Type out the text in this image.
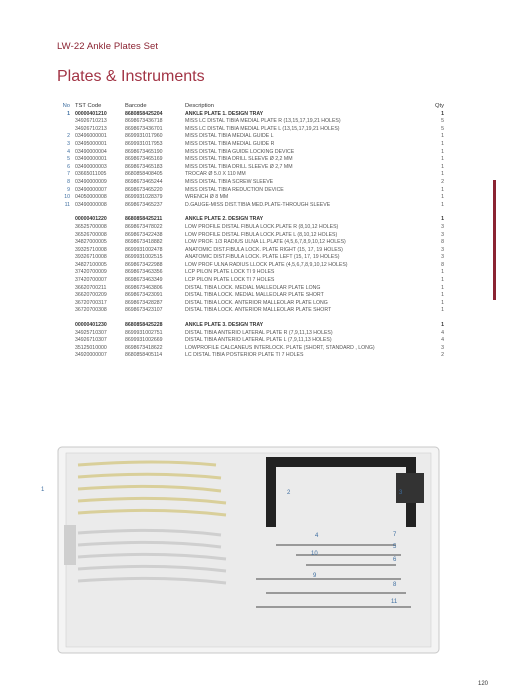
LW-22 Ankle Plates Set
Plates & Instruments
No TST Code	Barcode	Description	Qty
1 00000401210	8680858425204	ANKLE PLATE 1. DESIGN TRAY	1
34926710213	8698673436718	MISS LC DISTAL TIBIA MEDIAL PLATE R (13,15,17,19,21 HOLES)	5
34926710213	8698673436701	MISS LC DISTAL TIBIA MEDIAL PLATE L (13,15,17,19,21 HOLES)	5
2 03496000001	8699931017960	MISS DISTAL TIBIA MEDIAL GUIDE L	1
3 03495000001	8699931017953	MISS DISTAL TIBIA MEDIAL GUIDE R	1
4 03490000004	8698673465190	MISS DISTAL TIBIA GUIDE LOCKING DEVICE	1
5 03490000001	8698673465169	MISS DISTAL TIBIA DRILL SLEEVE Ø 2,2 MM	1
6 03490000003	8698673465183	MISS DISTAL TIBIA DRILL SLEEVE Ø 2,7 MM	1
7 03665011005	8680858408405	TROCAR Ø 5.0 X 110 MM	1
8 03490000009	8698673465244	MISS DISTAL TIBIA SCREW SLEEVE	2
9 03490000007	8698673465220	MISS DISTAL TIBIA REDUCTION DEVICE	1
10 04050000008	8699931028379	WRENCH Ø 8 MM	1
11 03490000008	8698673465237	D.GAUGE-MISS DIST.TIBIA MED.PLATE-THROUGH SLEEVE	1
00000401220	8680858425211	ANKLE PLATE 2. DESIGN TRAY	1
36525700008	8698673478022	LOW PROFILE DISTAL FIBULA LOCK.PLATE R (8,10,12 HOLES)	3
36526700008	8698673422438	LOW PROFILE DISTAL FIBULA LOCK.PLATE L (8,10,12 HOLES)	3
34827000005	8698673418882	LOW PROF. 1/3 RADIUS ULNA LL.PLATE (4,5,6,7,8,9,10,12 HOLES)	8
39325710008	8699931002478	ANATOMIC DIST.FIBULA LOCK. PLATE RIGHT (15, 17, 19 HOLES)	3
39326710008	8699931002515	ANATOMIC DIST.FIBULA LOCK. PLATE LEFT (15, 17, 19 HOLES)	3
34827100005	8698673422988	LOW PROF ULNA RADIUS LLOCK PLATE (4,5,6,7,8,9,10,12 HOLES)	8
37420700009	8698673463356	LCP PILON PLATE LOCK TI 9 HOLES	1
37420700007	8698673463349	LCP PILON PLATE LOCK TI 7 HOLES	1
36620700211	8698673463806	DISTAL TIBIA LOCK. MEDIAL MALLEOLAR PLATE LONG	1
36620700209	8698673423091	DISTAL TIBIA LOCK. MEDIAL MALLEOLAR PLATE SHORT	1
36720700317	8698673428287	DISTAL TIBIA LOCK. ANTERIOR MALLEOLAR PLATE LONG	1
36720700308	8698673423107	DISTAL TIBIA LOCK. ANTERIOR MALLEOLAR PLATE SHORT	1
00000401230	8680858425228	ANKLE PLATE 3. DESIGN TRAY	1
34925710307	8699931002751	DISTAL TIBIA ANTERIO LATERAL PLATE R (7,9,11,13 HOLES)	4
34926710307	8699931002669	DISTAL TIBIA ANTERIO LATERAL PLATE L (7,9,11,13 HOLES)	4
35125010000	8698673418622	LOWPROFILE CALCANEUS INTERLOCK. PLATE (SHORT, STANDARD , LONG)	3
34920000007	8680858405114	LC DISTAL TIBIA POSTERIOR PLATE TI 7 HOLES	2
1	2	3
4
5
6
7
8
9
10
11
120
